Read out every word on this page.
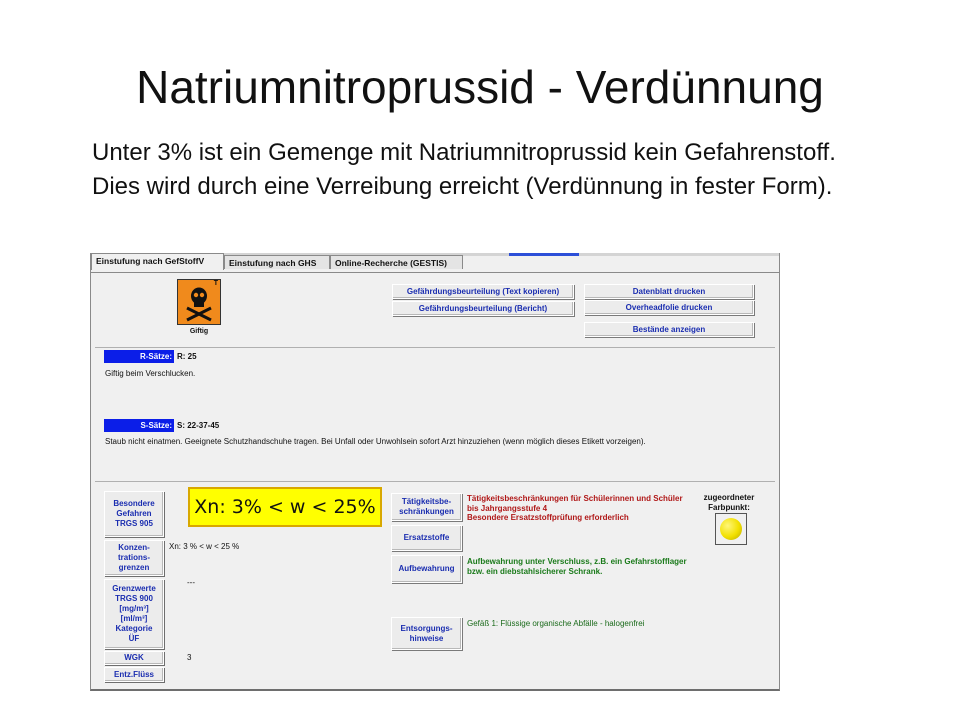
Natriumnitroprussid - Verdünnung

Unter 3% ist ein Gemenge mit Natriumnitroprussid kein Gefahrenstoff. Dies wird durch eine Verreibung erreicht (Verdünnung in fester Form).

Einstufung nach GefStoffV	Einstufung nach GHS	Online-Recherche (GESTIS)
T
Giftig
Gefährdungsbeurteilung (Text kopieren)
Gefährdungsbeurteilung (Bericht)
Datenblatt drucken
Overheadfolie drucken
Bestände anzeigen
R-Sätze: R: 25
Giftig beim Verschlucken.
S-Sätze: S: 22-37-45
Staub nicht einatmen. Geeignete Schutzhandschuhe tragen. Bei Unfall oder Unwohlsein sofort Arzt hinzuziehen (wenn möglich dieses Etikett vorzeigen).
Besondere
Gefahren
TRGS 905
Konzen-
trations-
grenzen
Grenzwerte
TRGS 900
[mg/m³]
[ml/m³]
Kategorie
ÜF
WGK
Entz.Flüss
Xn: 3 % < w < 25 %
---
3
Tätigkeitsbe-
schränkungen
Ersatzstoffe
Aufbewahrung
Entsorgungs-
hinweise
Tätigkeitsbeschränkungen für Schülerinnen und Schüler
bis Jahrgangsstufe 4
Besondere Ersatzstoffprüfung erforderlich
Aufbewahrung unter Verschluss, z.B. ein Gefahrstofflager
bzw. ein diebstahlsicherer Schrank.
Gefäß 1: Flüssige organische Abfälle - halogenfrei
zugeordneter
Farbpunkt:
Xn: 3% < w < 25%
